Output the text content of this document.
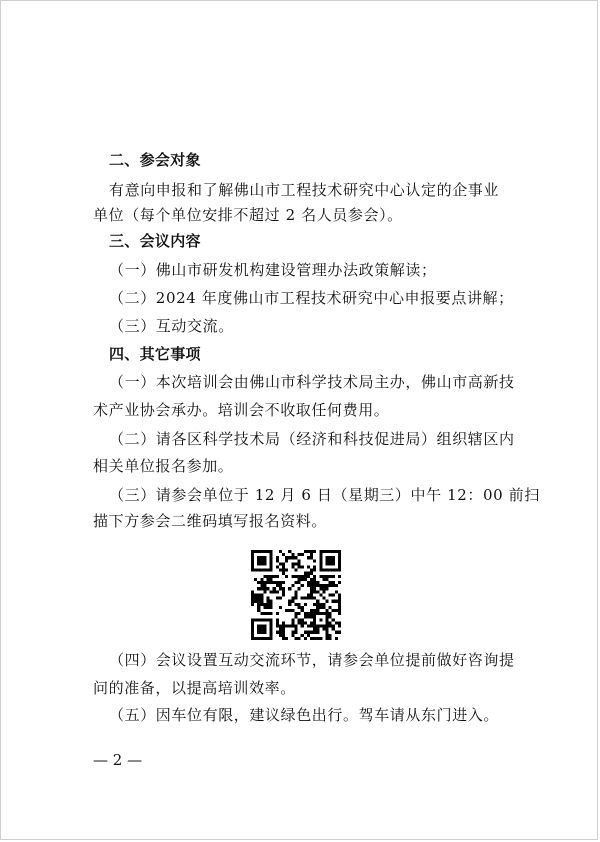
二、参会对象
有意向申报和了解佛山市工程技术研究中心认定的企事业
单位（每个单位安排不超过 2 名人员参会）。
三、会议内容
（一）佛山市研发机构建设管理办法政策解读；
（二）2024 年度佛山市工程技术研究中心申报要点讲解；
（三）互动交流。
四、其它事项
（一）本次培训会由佛山市科学技术局主办，佛山市高新技
术产业协会承办。培训会不收取任何费用。
（二）请各区科学技术局（经济和科技促进局）组织辖区内
相关单位报名参加。
（三）请参会单位于 12 月 6 日（星期三）中午 12：00 前扫
描下方参会二维码填写报名资料。
（四）会议设置互动交流环节，请参会单位提前做好咨询提
问的准备，以提高培训效率。
（五）因车位有限，建议绿色出行。驾车请从东门进入。
— 2 —
